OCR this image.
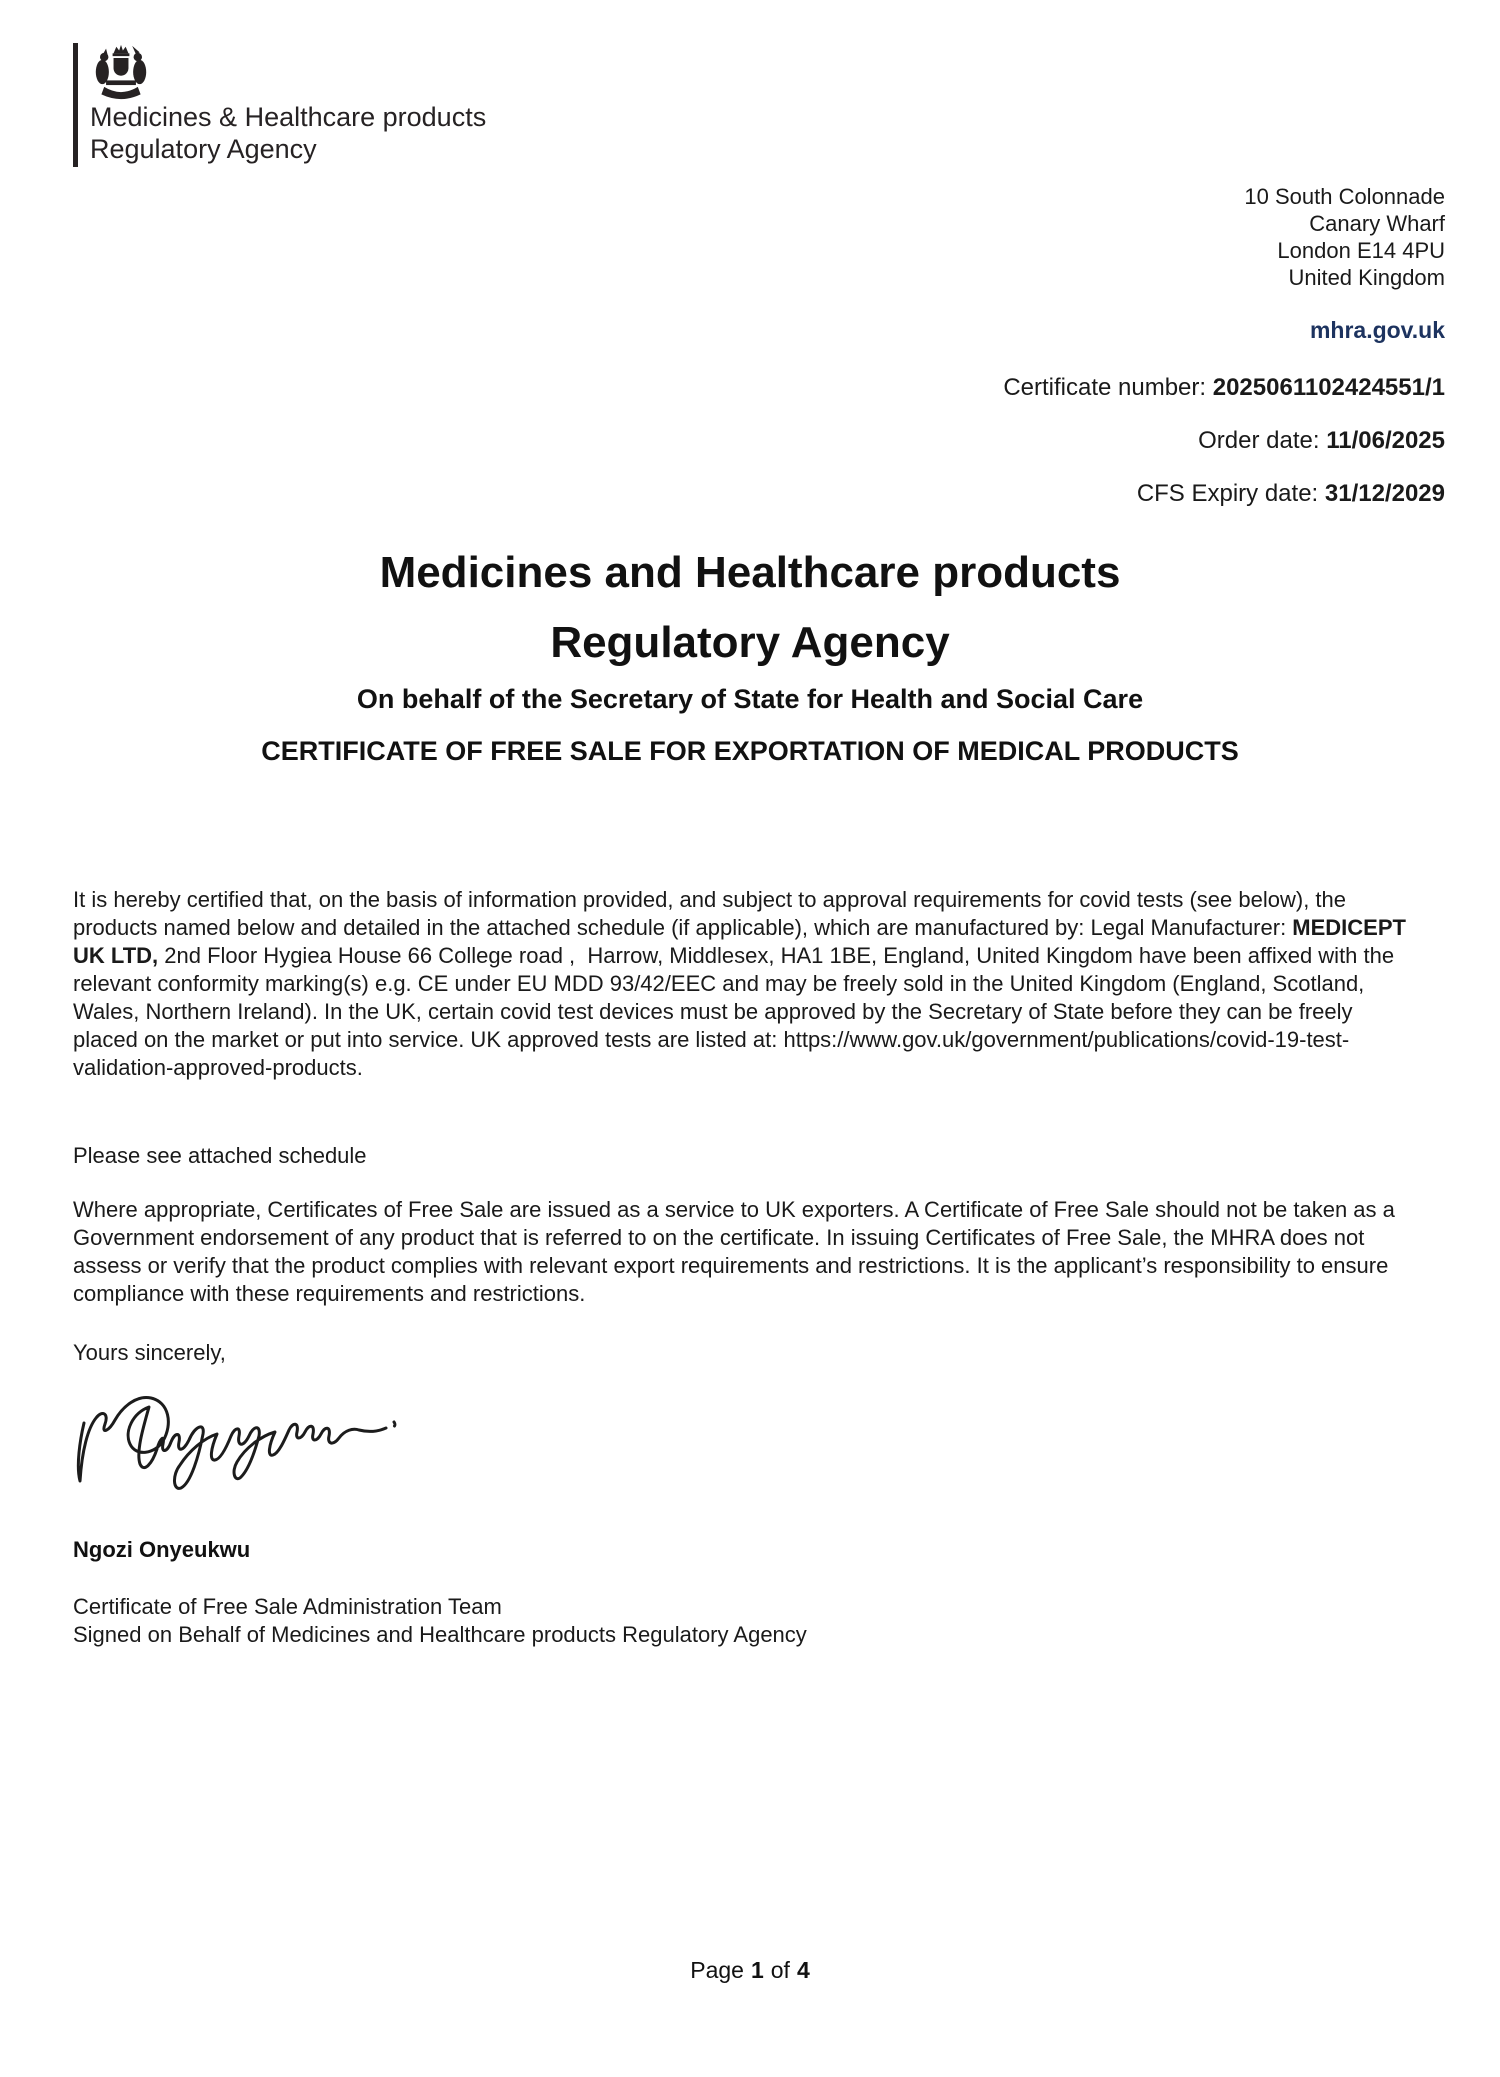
Medicines & Healthcare products
Regulatory Agency
10 South Colonnade
Canary Wharf
London E14 4PU
United Kingdom
mhra.gov.uk
Certificate number: 2025061102424551/1
Order date: 11/06/2025
CFS Expiry date: 31/12/2029
Medicines and Healthcare products
Regulatory Agency
On behalf of the Secretary of State for Health and Social Care
CERTIFICATE OF FREE SALE FOR EXPORTATION OF MEDICAL PRODUCTS
It is hereby certified that, on the basis of information provided, and subject to approval requirements for covid tests (see below), the products named below and detailed in the attached schedule (if applicable), which are manufactured by: Legal Manufacturer: MEDICEPT UK LTD, 2nd Floor Hygiea House 66 College road ,  Harrow, Middlesex, HA1 1BE, England, United Kingdom have been affixed with the relevant conformity marking(s) e.g. CE under EU MDD 93/42/EEC and may be freely sold in the United Kingdom (England, Scotland, Wales, Northern Ireland). In the UK, certain covid test devices must be approved by the Secretary of State before they can be freely placed on the market or put into service. UK approved tests are listed at: https://www.gov.uk/government/publications/covid-19-test-validation-approved-products.
Please see attached schedule
Where appropriate, Certificates of Free Sale are issued as a service to UK exporters. A Certificate of Free Sale should not be taken as a Government endorsement of any product that is referred to on the certificate. In issuing Certificates of Free Sale, the MHRA does not assess or verify that the product complies with relevant export requirements and restrictions. It is the applicant’s responsibility to ensure compliance with these requirements and restrictions.
Yours sincerely,
Ngozi Onyeukwu
Certificate of Free Sale Administration Team
Signed on Behalf of Medicines and Healthcare products Regulatory Agency
Page 1 of 4
